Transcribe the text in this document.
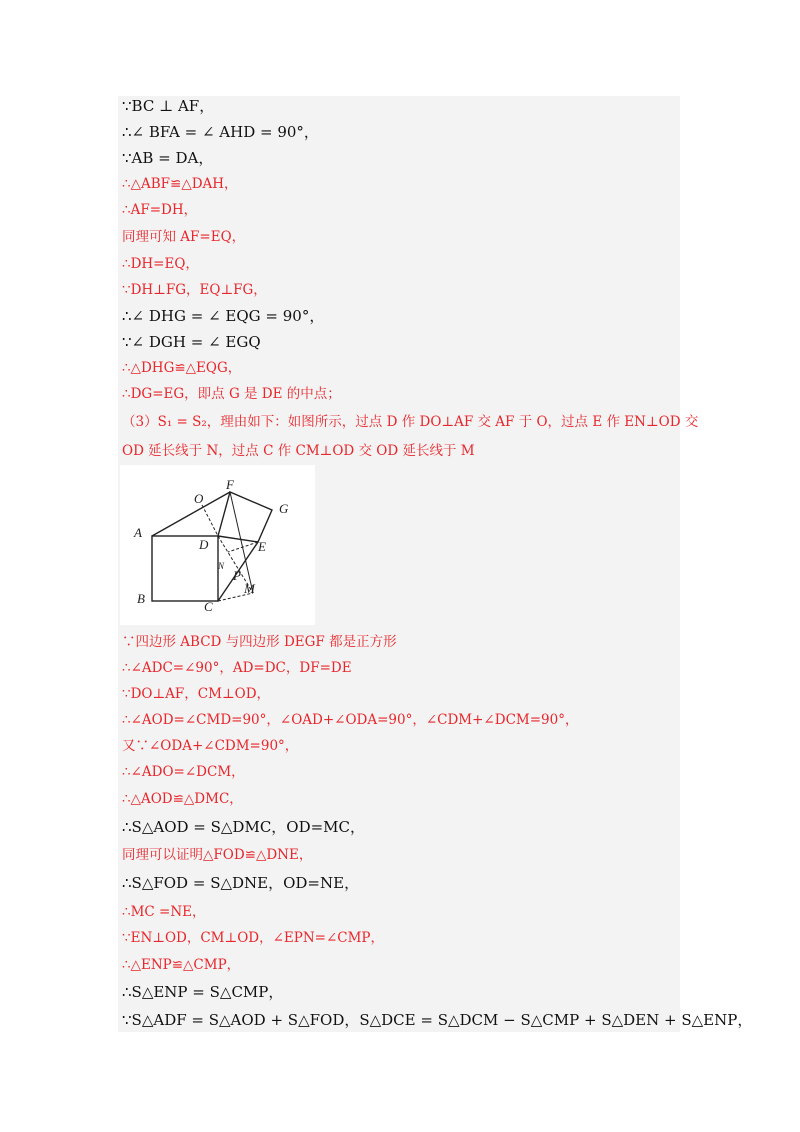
∵BC ⊥ AF，
∴∠ BFA = ∠ AHD = 90°，
∵AB = DA，
∴△ABF≌△DAH，
∴AF=DH，
同理可知 AF=EQ，
∴DH=EQ，
∵DH⊥FG，EQ⊥FG，
∴∠ DHG = ∠ EQG = 90°，
∵∠ DGH = ∠ EGQ
∴△DHG≌△EQG，
∴DG=EG，即点 G 是 DE 的中点；
（3）S₁ = S₂，理由如下：如图所示，过点 D 作 DO⊥AF 交 AF 于 O，过点 E 作 EN⊥OD 交
OD 延长线于 N，过点 C 作 CM⊥OD 交 OD 延长线于 M
O
F
G
A
D	E
N
P
M
B
C
∵四边形 ABCD 与四边形 DEGF 都是正方形
∴∠ADC=∠90°，AD=DC，DF=DE
∵DO⊥AF，CM⊥OD，
∴∠AOD=∠CMD=90°，∠OAD+∠ODA=90°，∠CDM+∠DCM=90°，
又∵∠ODA+∠CDM=90°，
∴∠ADO=∠DCM，
∴△AOD≌△DMC，
∴S△AOD = S△DMC，OD=MC，
同理可以证明△FOD≌△DNE，
∴S△FOD = S△DNE，OD=NE，
∴MC =NE，
∵EN⊥OD，CM⊥OD，∠EPN=∠CMP，
∴△ENP≌△CMP，
∴S△ENP = S△CMP，
∵S△ADF = S△AOD + S△FOD，S△DCE = S△DCM − S△CMP + S△DEN + S△ENP，
